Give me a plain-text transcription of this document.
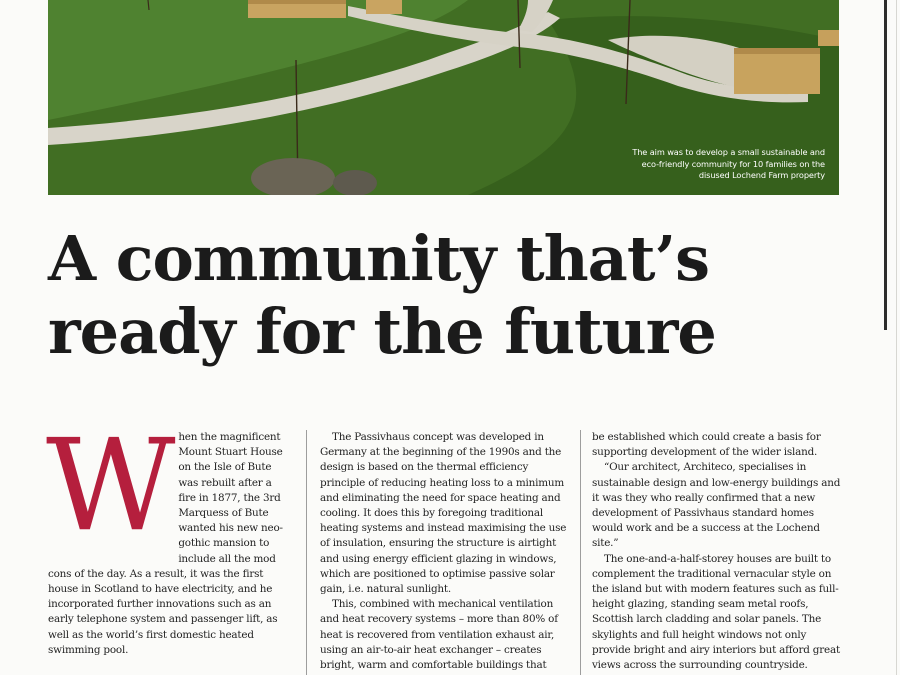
The aim was to develop a small sustainable and eco-friendly community for 10 families on the disused Lochend Farm property
A community that’s
ready for the future
W hen the magnificent Mount Stuart House on the Isle of Bute was rebuilt after a fire in 1877, the 3rd Marquess of Bute wanted his new neo-gothic mansion to include all the mod cons of the day. As a result, it was the first house in Scotland to have electricity, and he incorporated further innovations such as an early telephone system and passenger lift, as well as the world’s first domestic heated swimming pool.

The Passivhaus concept was developed in Germany at the beginning of the 1990s and the design is based on the thermal efficiency principle of reducing heating loss to a minimum and eliminating the need for space heating and cooling. It does this by foregoing traditional heating systems and instead maximising the use of insulation, ensuring the structure is airtight and using energy efficient glazing in windows, which are positioned to optimise passive solar gain, i.e. natural sunlight.

This, combined with mechanical ventilation and heat recovery systems – more than 80% of heat is recovered from ventilation exhaust air, using an air-to-air heat exchanger – creates bright, warm and comfortable buildings that

be established which could create a basis for supporting development of the wider island.

“Our architect, Architeco, specialises in sustainable design and low-energy buildings and it was they who really confirmed that a new development of Passivhaus standard homes would work and be a success at the Lochend site.”

The one-and-a-half-storey houses are built to complement the traditional vernacular style on the island but with modern features such as full-height glazing, standing seam metal roofs, Scottish larch cladding and solar panels. The skylights and full height windows not only provide bright and airy interiors but afford great views across the surrounding countryside.
